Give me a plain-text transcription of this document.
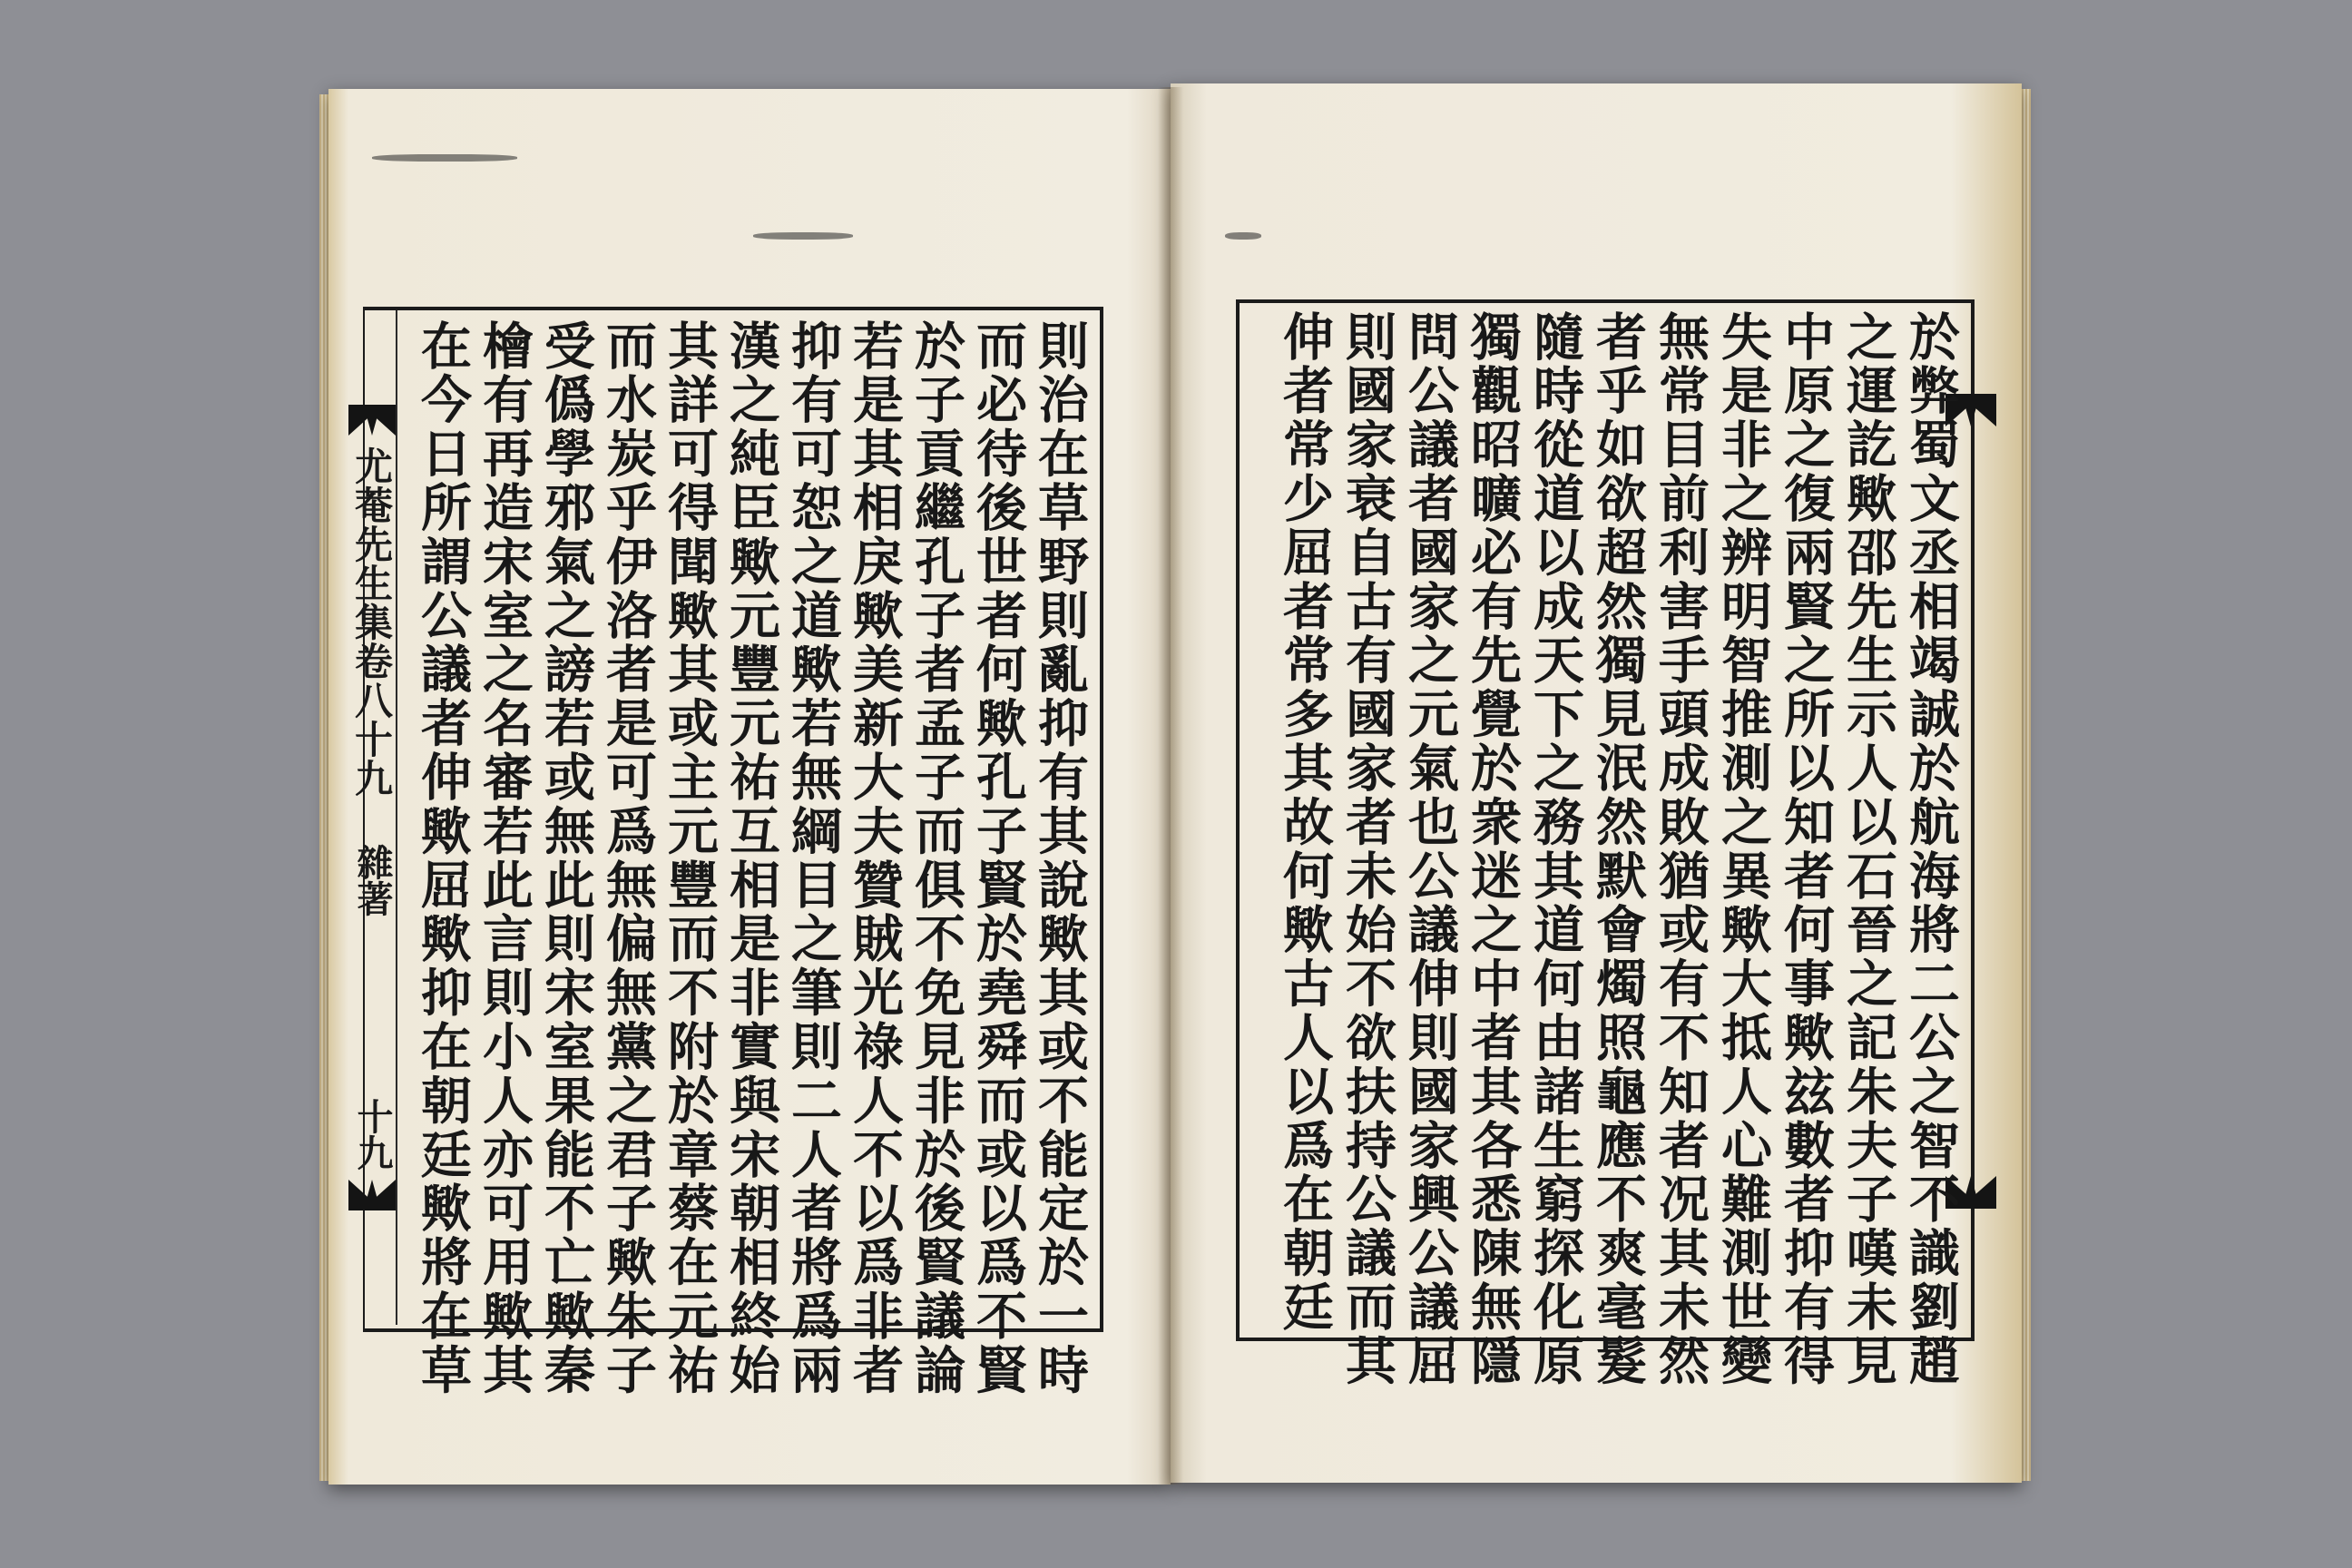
尤菴先生集卷八十九
雜著
十九	則治在草野則亂抑有其說歟其或不能定於一時
而必待後世者何歟孔子賢於堯舜而或以爲不賢
於子貢繼孔子者孟子而俱不免見非於後賢議論
若是其相戾歟美新大夫贊賊光祿人不以爲非者
抑有可恕之道歟若無綱目之筆則二人者將爲兩
漢之純臣歟元豐元祐互相是非實與宋朝相終始
其詳可得聞歟其或主元豐而不附於章蔡在元祐
而水炭乎伊洛者是可爲無偏無黨之君子歟朱子
受僞學邪氣之謗若或無此則宋室果能不亡歟秦
檜有再造宋室之名審若此言則小人亦可用歟其
在今日所謂公議者伸歟屈歟抑在朝廷歟將在草	於弊蜀文丞相竭誠於航海將二公之智不識劉趙
之運訖歟邵先生示人以石晉之記朱夫子嘆未見
中原之復兩賢之所以知者何事歟玆數者抑有得
失是非之辨明智推測之異歟大抵人心難測世變
無常目前利害手頭成敗猶或有不知者况其未然
者乎如欲超然獨見泯然默會燭照龜應不爽毫髮
隨時從道以成天下之務其道何由諸生窮探化原
獨觀昭曠必有先覺於衆迷之中者其各悉陳無隱
問公議者國家之元氣也公議伸則國家興公議屈
則國家衰自古有國家者未始不欲扶持公議而其
伸者常少屈者常多其故何歟古人以爲在朝廷
